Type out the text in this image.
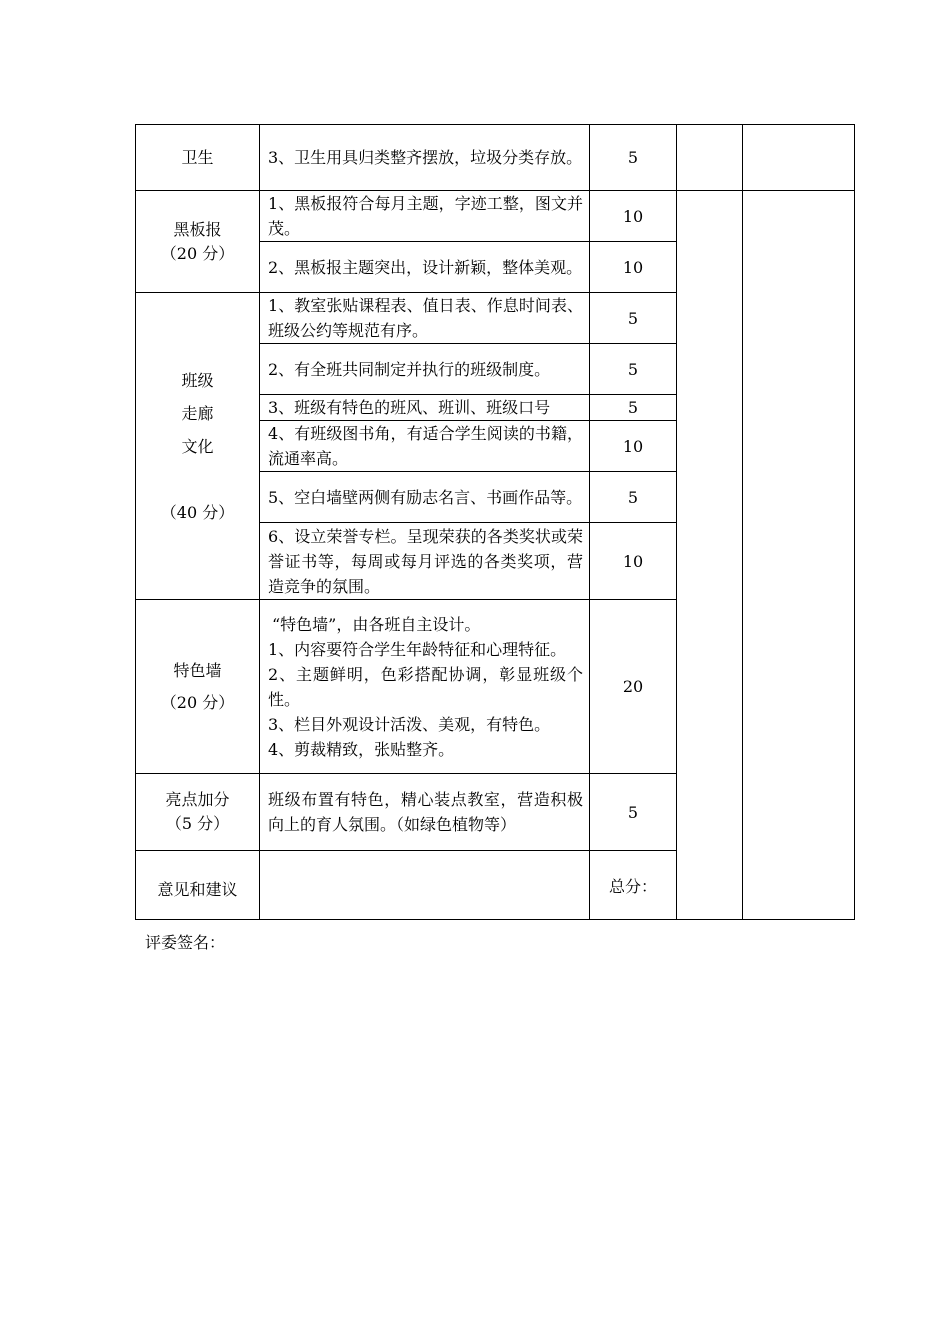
卫生	3、卫生用具归类整齐摆放，垃圾分类存放。	5			

黑板报
（20 分）	1、黑板报符合每月主题，字迹工整，图文并茂。	10			
	2、黑板报主题突出，设计新颖，整体美观。	10			

班级
走廊
文化

（40 分）	1、教室张贴课程表、值日表、作息时间表、班级公约等规范有序。	5			
	2、有全班共同制定并执行的班级制度。	5			
	3、班级有特色的班风、班训、班级口号	5			
	4、有班级图书角，有适合学生阅读的书籍，流通率高。	10			
	5、空白墙壁两侧有励志名言、书画作品等。	5			
	6、设立荣誉专栏。呈现荣获的各类奖状或荣誉证书等，每周或每月评选的各类奖项，营造竞争的氛围。	10			

特色墙
（20 分）	“特色墙”，由各班自主设计。
1、内容要符合学生年龄特征和心理特征。
2、主题鲜明，色彩搭配协调，彰显班级个性。
3、栏目外观设计活泼、美观，有特色。
4、剪裁精致，张贴整齐。	20			

亮点加分
（5 分）	班级布置有特色，精心装点教室，营造积极向上的育人氛围。（如绿色植物等）	5			
意见和建议		总分：			
评委签名：
